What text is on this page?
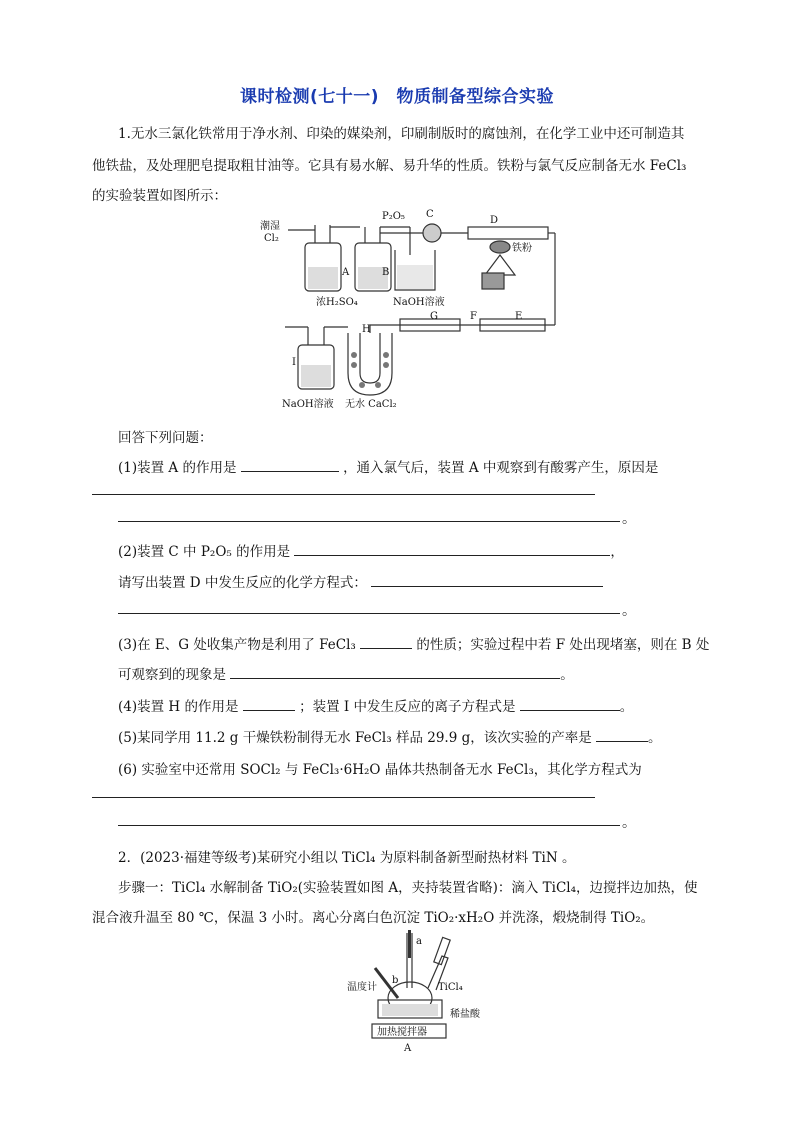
课时检测(七十一)　物质制备型综合实验
1.无水三氯化铁常用于净水剂、印染的媒染剂，印刷制版时的腐蚀剂，在化学工业中还可制造其
他铁盐，及处理肥皂提取粗甘油等。它具有易水解、易升华的性质。铁粉与氯气反应制备无水 FeCl₃
的实验装置如图所示：
潮湿
Cl₂
P₂O₅ C
D
铁粉
A	B
浓H₂SO₄	NaOH溶液
G	F	E
H
I
NaOH溶液 无水 CaCl₂
回答下列问题：
(1)装置 A 的作用是	，通入氯气后，装置 A 中观察到有酸雾产生，原因是
。
(2)装置 C 中 P₂O₅ 的作用是	，
请写出装置 D 中发生反应的化学方程式：
。
(3)在 E、G 处收集产物是利用了 FeCl₃	的性质；实验过程中若 F 处出现堵塞，则在 B 处
可观察到的现象是	。
(4)装置 H 的作用是	；装置 I 中发生反应的离子方程式是	。
(5)某同学用 11.2 g 干燥铁粉制得无水 FeCl₃ 样品 29.9 g，该次实验的产率是	。
(6) 实验室中还常用 SOCl₂ 与 FeCl₃·6H₂O 晶体共热制备无水 FeCl₃，其化学方程式为
。
2．(2023·福建等级考)某研究小组以 TiCl₄ 为原料制备新型耐热材料 TiN 。
步骤一：TiCl₄ 水解制备 TiO₂(实验装置如图 A，夹持装置省略)：滴入 TiCl₄，边搅拌边加热，使
混合液升温至 80 ℃，保温 3 小时。离心分离白色沉淀 TiO₂·xH₂O 并洗涤，煅烧制得 TiO₂。
a
b
温度计	TiCl₄
稀盐酸
加热搅拌器
A
